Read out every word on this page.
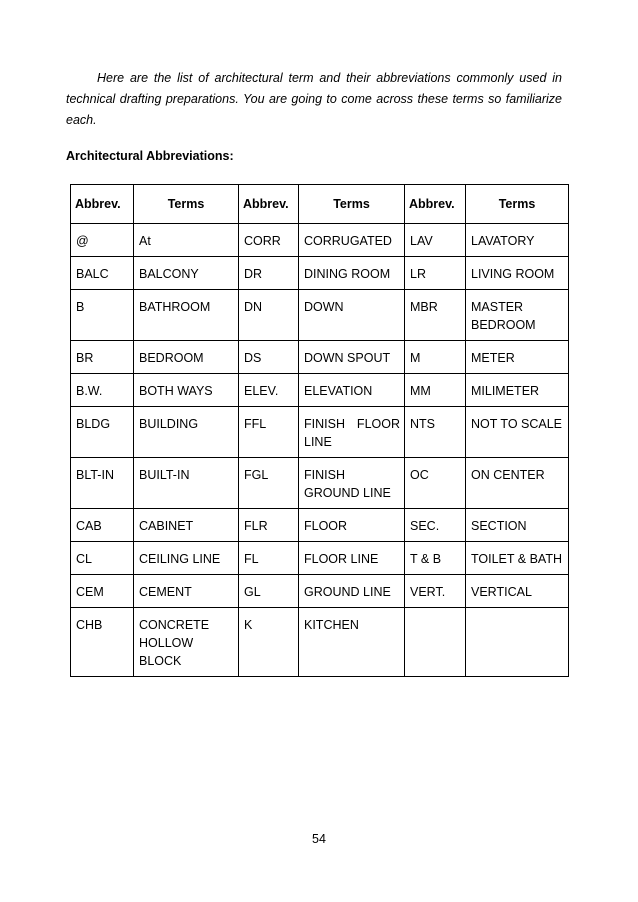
Here are the list of architectural term and their abbreviations commonly used in technical drafting preparations. You are going to come across these terms so familiarize each.

Architectural Abbreviations:

Abbrev.	Terms	Abbrev.	Terms	Abbrev.	Terms
@	At	CORR	CORRUGATED	LAV	LAVATORY
BALC	BALCONY	DR	DINING ROOM	LR	LIVING ROOM
B	BATHROOM	DN	DOWN	MBR	MASTER BEDROOM
BR	BEDROOM	DS	DOWN SPOUT	M	METER
B.W.	BOTH WAYS	ELEV.	ELEVATION	MM	MILIMETER
BLDG	BUILDING	FFL	FINISH FLOOR LINE	NTS	NOT TO SCALE
BLT-IN	BUILT-IN	FGL	FINISH GROUND LINE	OC	ON CENTER
CAB	CABINET	FLR	FLOOR	SEC.	SECTION
CL	CEILING LINE	FL	FLOOR LINE	T & B	TOILET & BATH
CEM	CEMENT	GL	GROUND LINE	VERT.	VERTICAL
CHB	CONCRETE HOLLOW BLOCK	K	KITCHEN		

54
